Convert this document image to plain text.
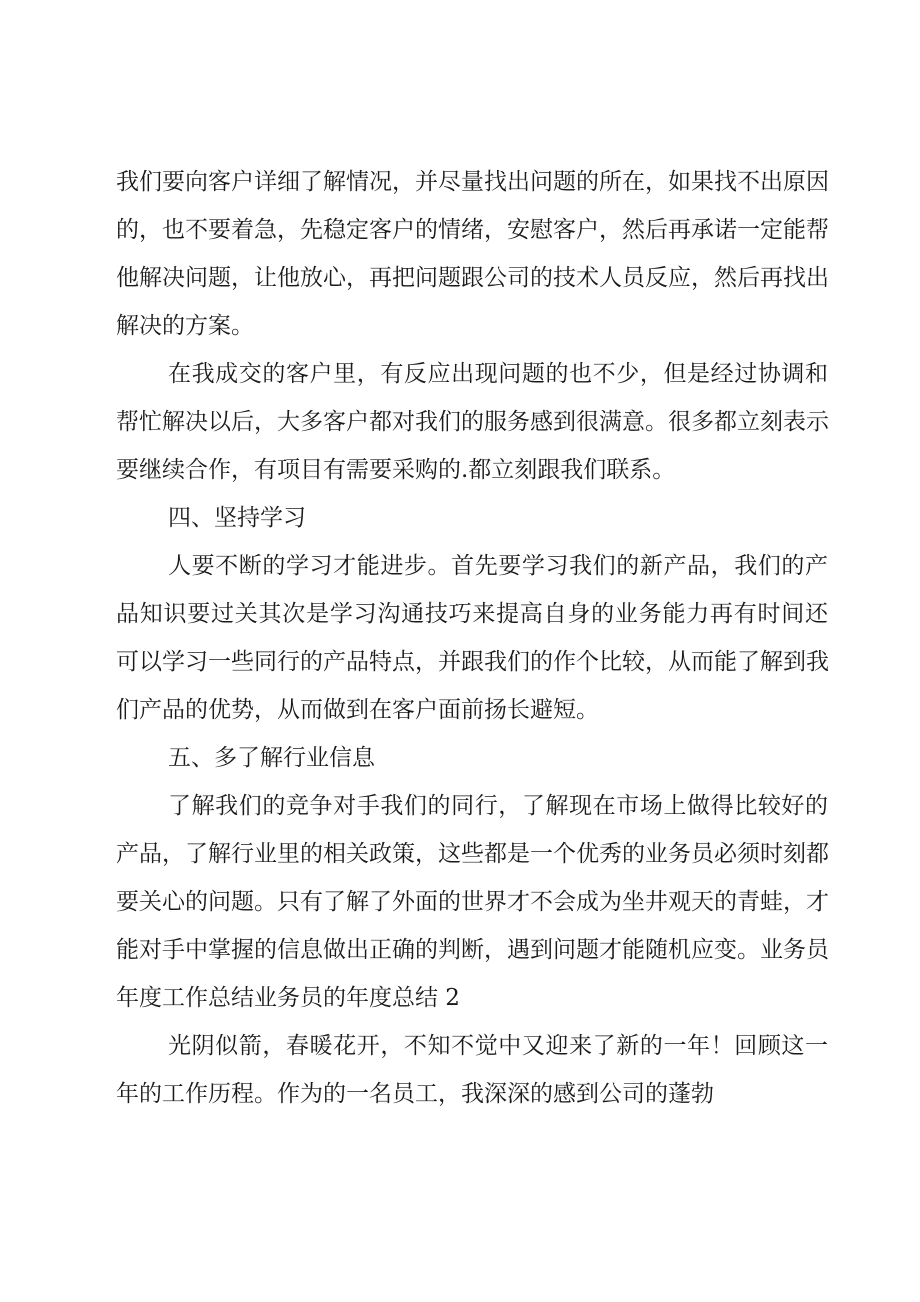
我们要向客户详细了解情况，并尽量找出问题的所在，如果找不出原因
的，也不要着急，先稳定客户的情绪，安慰客户，然后再承诺一定能帮
他解决问题，让他放心，再把问题跟公司的技术人员反应，然后再找出
解决的方案。
在我成交的客户里，有反应出现问题的也不少，但是经过协调和
帮忙解决以后，大多客户都对我们的服务感到很满意。很多都立刻表示
要继续合作，有项目有需要采购的.都立刻跟我们联系。
四、坚持学习
人要不断的学习才能进步。首先要学习我们的新产品，我们的产
品知识要过关其次是学习沟通技巧来提高自身的业务能力再有时间还
可以学习一些同行的产品特点，并跟我们的作个比较，从而能了解到我
们产品的优势，从而做到在客户面前扬长避短。
五、多了解行业信息
了解我们的竞争对手我们的同行，了解现在市场上做得比较好的
产品，了解行业里的相关政策，这些都是一个优秀的业务员必须时刻都
要关心的问题。只有了解了外面的世界才不会成为坐井观天的青蛙，才
能对手中掌握的信息做出正确的判断，遇到问题才能随机应变。业务员
年度工作总结业务员的年度总结 2
光阴似箭，春暖花开，不知不觉中又迎来了新的一年！回顾这一
年的工作历程。作为的一名员工，我深深的感到公司的蓬勃
